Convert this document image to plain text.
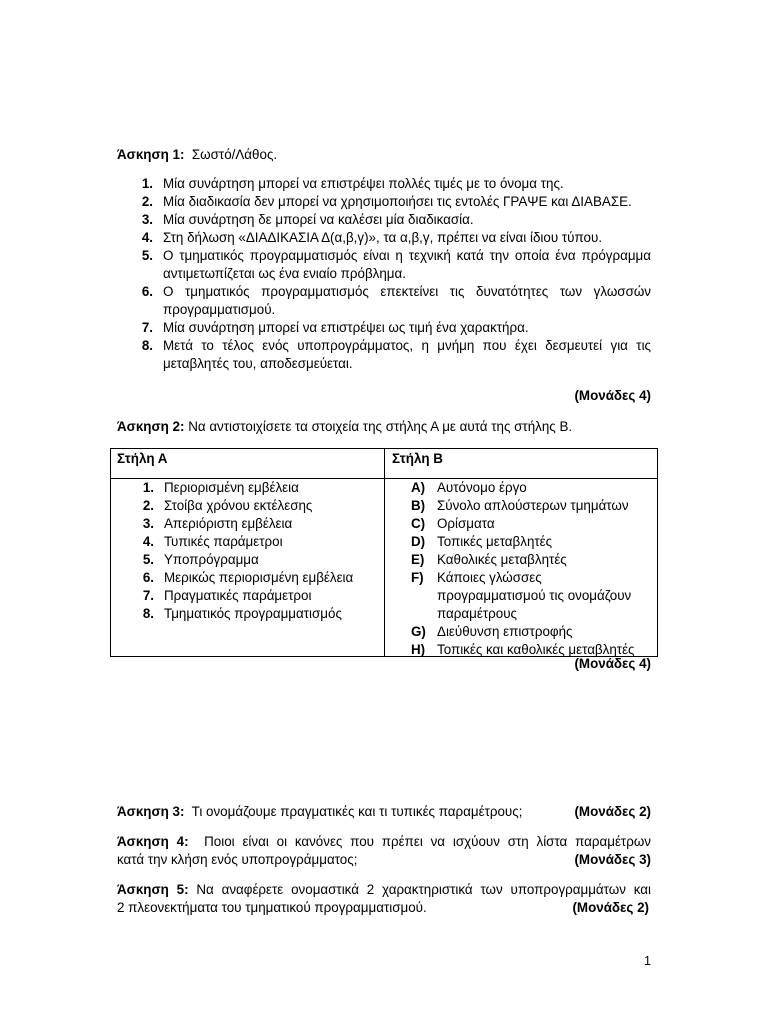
Άσκηση 1: Σωστό/Λάθος.
1. Μία συνάρτηση μπορεί να επιστρέψει πολλές τιμές με το όνομα της.
2. Μία διαδικασία δεν μπορεί να χρησιμοποιήσει τις εντολές ΓΡΑΨΕ και ΔΙΑΒΑΣΕ.
3. Μία συνάρτηση δε μπορεί να καλέσει μία διαδικασία.
4. Στη δήλωση «ΔΙΑΔΙΚΑΣΙΑ Δ(α,β,γ)», τα α,β,γ, πρέπει να είναι ίδιου τύπου.
5. Ο τμηματικός προγραμματισμός είναι η τεχνική κατά την οποία ένα πρόγραμμα αντιμετωπίζεται ως ένα ενιαίο πρόβλημα.
6. Ο τμηματικός προγραμματισμός επεκτείνει τις δυνατότητες των γλωσσών προγραμματισμού.
7. Μία συνάρτηση μπορεί να επιστρέψει ως τιμή ένα χαρακτήρα.
8. Μετά το τέλος ενός υποπρογράμματος, η μνήμη που έχει δεσμευτεί για τις μεταβλητές του, αποδεσμεύεται.
(Μονάδες 4)
Άσκηση 2: Να αντιστοιχίσετε τα στοιχεία της στήλης Α με αυτά της στήλης Β.
Στήλη Α	Στήλη Β
1. Περιορισμένη εμβέλεια
2. Στοίβα χρόνου εκτέλεσης
3. Απεριόριστη εμβέλεια
4. Τυπικές παράμετροι
5. Υποπρόγραμμα
6. Μερικώς περιορισμένη εμβέλεια
7. Πραγματικές παράμετροι
8. Τμηματικός προγραμματισμός
A) Αυτόνομο έργο
B) Σύνολο απλούστερων τμημάτων
C) Ορίσματα
D) Τοπικές μεταβλητές
E) Καθολικές μεταβλητές
F) Κάποιες γλώσσες προγραμματισμού τις ονομάζουν παραμέτρους
G) Διεύθυνση επιστροφής
H) Τοπικές και καθολικές μεταβλητές
(Μονάδες 4)
Άσκηση 3: Τι ονομάζουμε πραγματικές και τι τυπικές παραμέτρους;	(Μονάδες 2)
Άσκηση 4: Ποιοι είναι οι κανόνες που πρέπει να ισχύουν στη λίστα παραμέτρων
κατά την κλήση ενός υποπρογράμματος;	(Μονάδες 3)
Άσκηση 5: Να αναφέρετε ονομαστικά 2 χαρακτηριστικά των υποπρογραμμάτων και
2 πλεονεκτήματα του τμηματικού προγραμματισμού.	(Μονάδες 2)
1
